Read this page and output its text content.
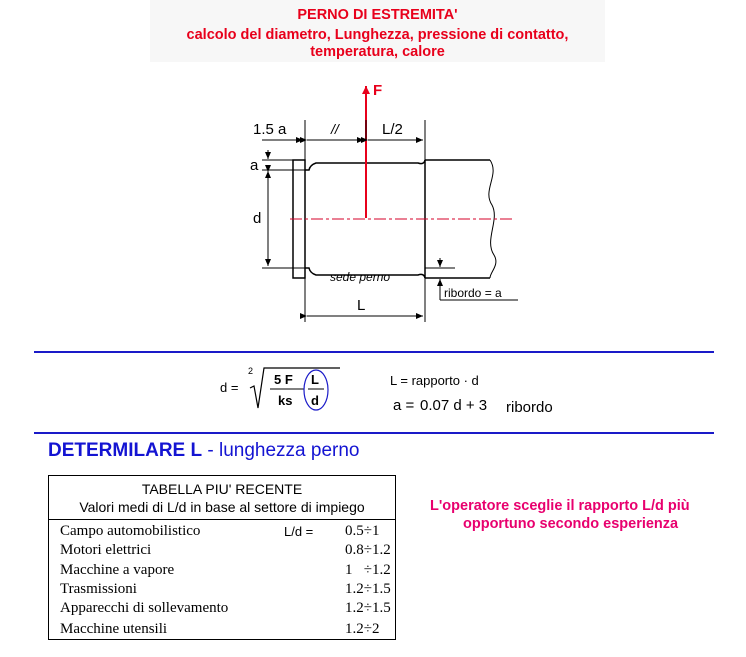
PERNO DI ESTREMITA'
calcolo del diametro, Lunghezza, pressione di contatto,
temperatura, calore
F
1.5 a	//	L/2
a
d
sede perno
ribordo = a
L
d =
2
5 F
ks
L
d
L = rapporto · d
a = 0.07 d + 3 ribordo
DETERMILARE L - lunghezza perno
TABELLA PIU' RECENTE
Valori medi di L/d in base al settore di impiego
Campo automobilistico	L/d = 0.5÷1
Motori elettrici	0.8÷1.2
Macchine a vapore	1   ÷1.2
Trasmissioni	1.2÷1.5
Apparecchi di sollevamento	1.2÷1.5
Macchine utensili	1.2÷2
L'operatore sceglie il rapporto L/d più
opportuno secondo esperienza
